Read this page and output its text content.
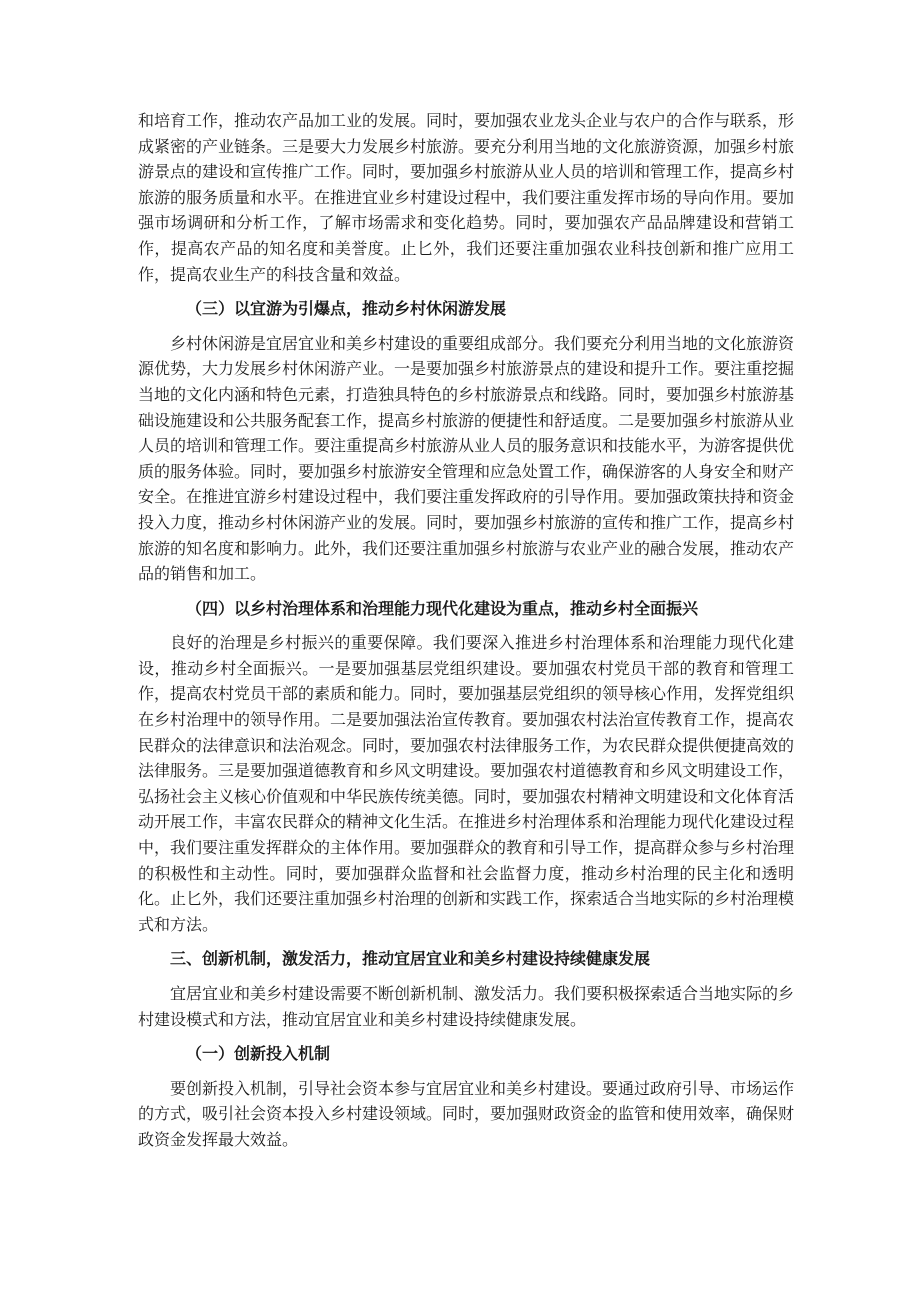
和培育工作，推动农产品加工业的发展。同时，要加强农业龙头企业与农户的合作与联系，形成紧密的产业链条。三是要大力发展乡村旅游。要充分利用当地的文化旅游资源，加强乡村旅游景点的建设和宣传推广工作。同时，要加强乡村旅游从业人员的培训和管理工作，提高乡村旅游的服务质量和水平。在推进宜业乡村建设过程中，我们要注重发挥市场的导向作用。要加强市场调研和分析工作，了解市场需求和变化趋势。同时，要加强农产品品牌建设和营销工作，提高农产品的知名度和美誉度。止匕外，我们还要注重加强农业科技创新和推广应用工作，提高农业生产的科技含量和效益。

（三）以宜游为引爆点，推动乡村休闲游发展

乡村休闲游是宜居宜业和美乡村建设的重要组成部分。我们要充分利用当地的文化旅游资源优势，大力发展乡村休闲游产业。一是要加强乡村旅游景点的建设和提升工作。要注重挖掘当地的文化内涵和特色元素，打造独具特色的乡村旅游景点和线路。同时，要加强乡村旅游基础设施建设和公共服务配套工作，提高乡村旅游的便捷性和舒适度。二是要加强乡村旅游从业人员的培训和管理工作。要注重提高乡村旅游从业人员的服务意识和技能水平，为游客提供优质的服务体验。同时，要加强乡村旅游安全管理和应急处置工作，确保游客的人身安全和财产安全。在推进宜游乡村建设过程中，我们要注重发挥政府的引导作用。要加强政策扶持和资金投入力度，推动乡村休闲游产业的发展。同时，要加强乡村旅游的宣传和推广工作，提高乡村旅游的知名度和影响力。此外，我们还要注重加强乡村旅游与农业产业的融合发展，推动农产品的销售和加工。

（四）以乡村治理体系和治理能力现代化建设为重点，推动乡村全面振兴

良好的治理是乡村振兴的重要保障。我们要深入推进乡村治理体系和治理能力现代化建设，推动乡村全面振兴。一是要加强基层党组织建设。要加强农村党员干部的教育和管理工作，提高农村党员干部的素质和能力。同时，要加强基层党组织的领导核心作用，发挥党组织在乡村治理中的领导作用。二是要加强法治宣传教育。要加强农村法治宣传教育工作，提高农民群众的法律意识和法治观念。同时，要加强农村法律服务工作，为农民群众提供便捷高效的法律服务。三是要加强道德教育和乡风文明建设。要加强农村道德教育和乡风文明建设工作，弘扬社会主义核心价值观和中华民族传统美德。同时，要加强农村精神文明建设和文化体育活动开展工作，丰富农民群众的精神文化生活。在推进乡村治理体系和治理能力现代化建设过程中，我们要注重发挥群众的主体作用。要加强群众的教育和引导工作，提高群众参与乡村治理的积极性和主动性。同时，要加强群众监督和社会监督力度，推动乡村治理的民主化和透明化。止匕外，我们还要注重加强乡村治理的创新和实践工作，探索适合当地实际的乡村治理模式和方法。

三、创新机制，激发活力，推动宜居宜业和美乡村建设持续健康发展

宜居宜业和美乡村建设需要不断创新机制、激发活力。我们要积极探索适合当地实际的乡村建设模式和方法，推动宜居宜业和美乡村建设持续健康发展。

（一）创新投入机制

要创新投入机制，引导社会资本参与宜居宜业和美乡村建设。要通过政府引导、市场运作的方式，吸引社会资本投入乡村建设领域。同时，要加强财政资金的监管和使用效率，确保财政资金发挥最大效益。
